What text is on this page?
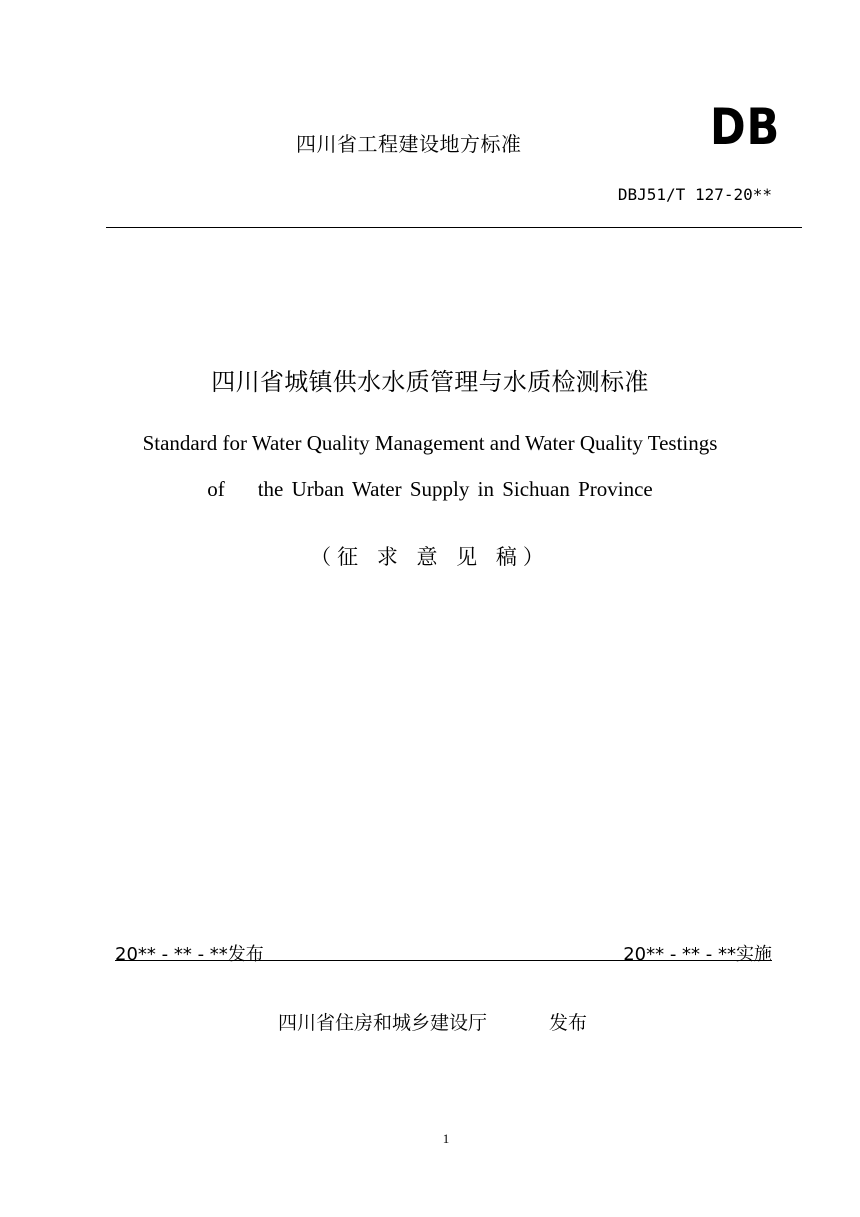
四川省工程建设地方标准	DB
DBJ51/T 127-20**
四川省城镇供水水质管理与水质检测标准
Standard for Water Quality Management and Water Quality Testings
of    the Urban Water Supply in Sichuan Province
（征 求 意 见 稿）
20** - ** - **发布	20** - ** - **实施
四川省住房和城乡建设厅	发布
1
